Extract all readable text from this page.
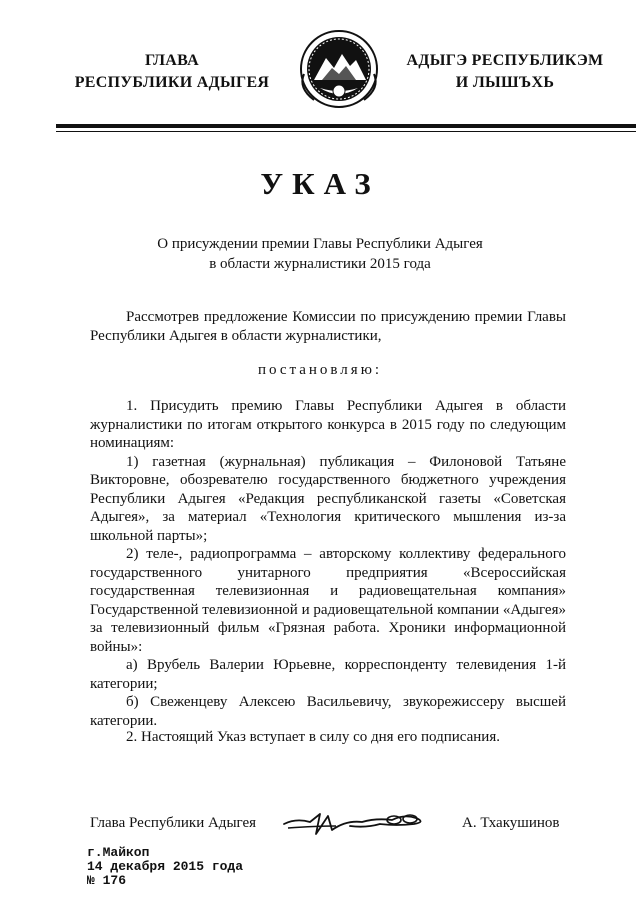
ГЛАВА
РЕСПУБЛИКИ АДЫГЕЯ
АДЫГЭ РЕСПУБЛИКЭМ
И ЛЫШЪХЬ
УКАЗ
О присуждении премии Главы Республики Адыгея
в области журналистики 2015 года

Рассмотрев предложение Комиссии по присуждению премии Главы Республики Адыгея в области журналистики,

постановляю:

1. Присудить премию Главы Республики Адыгея в области журналистики по итогам открытого конкурса в 2015 году по следующим номинациям:

1) газетная (журнальная) публикация – Филоновой Татьяне Викторовне, обозревателю государственного бюджетного учреждения Республики Адыгея «Редакция республиканской газеты «Советская Адыгея», за материал «Технология критического мышления из-за школьной парты»;

2) теле-, радиопрограмма – авторскому коллективу федерального государственного унитарного предприятия «Всероссийская государственная телевизионная и радиовещательная компания» Государственной телевизионной и радиовещательной компании «Адыгея» за телевизионный фильм «Грязная работа. Хроники информационной войны»:

а) Врубель Валерии Юрьевне, корреспонденту телевидения 1-й категории;

б) Свеженцеву Алексею Васильевичу, звукорежиссеру высшей категории.

2. Настоящий Указ вступает в силу со дня его подписания.
Глава Республики Адыгея	А. Тхакушинов
г.Майкоп
14 декабря 2015 года
№ 176
